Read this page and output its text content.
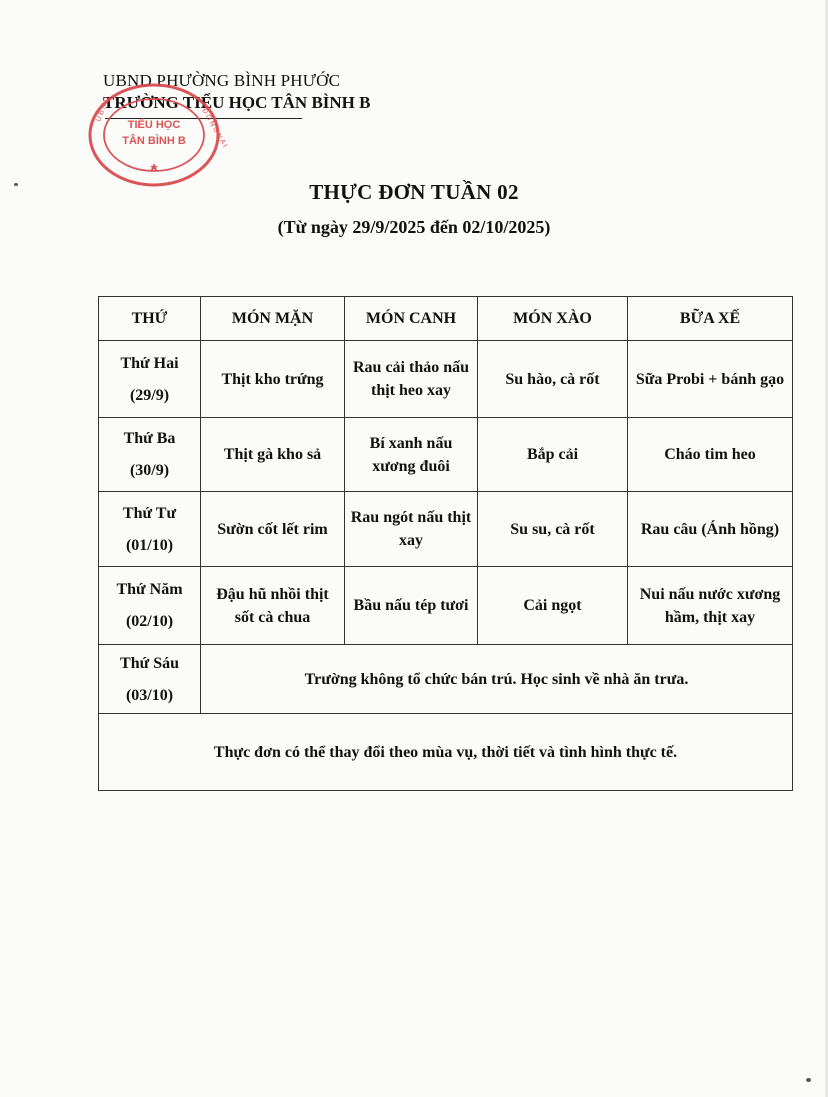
UBND PHƯỜNG BÌNH PHƯỚC
TRƯỜNG TIỂU HỌC TÂN BÌNH B
TIỂU HỌC
TÂN BÌNH B
U B N D	Đ Ồ N G N A I
THỰC ĐƠN TUẦN 02
(Từ ngày 29/9/2025 đến 02/10/2025)
THỨ	MÓN MẶN	MÓN CANH	MÓN XÀO	BỮA XẾ

Thứ Hai
(29/9)	Thịt kho trứng	Rau cải thảo nấu thịt heo xay	Su hào, cà rốt	Sữa Probi + bánh gạo

Thứ Ba
(30/9)	Thịt gà kho sả	Bí xanh nấu xương đuôi	Bắp cải	Cháo tim heo

Thứ Tư
(01/10)	Sườn cốt lết rim	Rau ngót nấu thịt xay	Su su, cà rốt	Rau câu (Ánh hồng)

Thứ Năm
(02/10)	Đậu hũ nhồi thịt sốt cà chua	Bầu nấu tép tươi	Cải ngọt	Nui nấu nước xương hầm, thịt xay

Thứ Sáu
(03/10)	Trường không tổ chức bán trú. Học sinh về nhà ăn trưa.			
Thực đơn có thể thay đổi theo mùa vụ, thời tiết và tình hình thực tế.				
